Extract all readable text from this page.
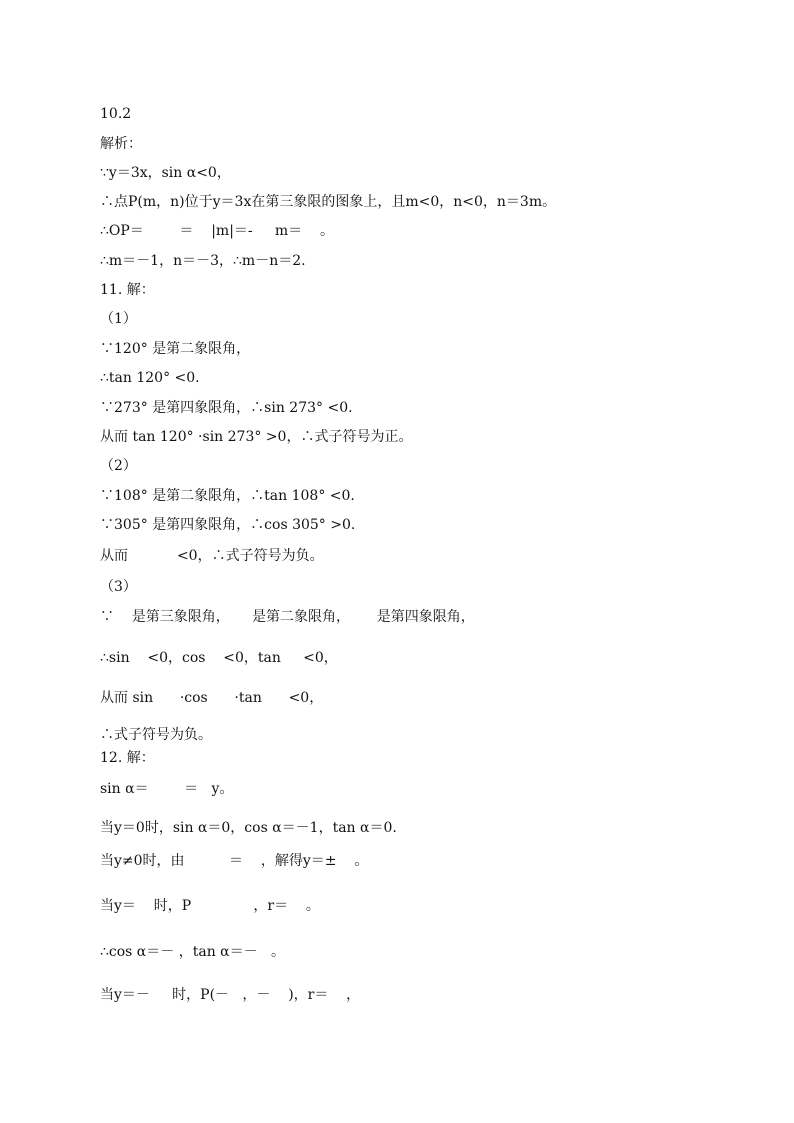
10.2
解析：
∵y＝3x，sin α<0，
∴点P(m，n)位于y＝3x在第三象限的图象上，且m<0，n<0，n＝3m。
∴OP＝        ＝    |m|＝-     m＝    。
∴m＝－1，n＝－3，∴m－n＝2.
11. 解：
（1）
∵120° 是第二象限角，
∴tan 120° <0.
∵273° 是第四象限角，∴sin 273° <0.
从而 tan 120° ·sin 273° >0，∴式子符号为正。
（2）
∵108° 是第二象限角，∴tan 108° <0.
∵305° 是第四象限角，∴cos 305° >0.
从而           <0，∴式子符号为负。
（3）
∵    是第三象限角，     是第二象限角，      是第四象限角，
∴sin    <0，cos    <0，tan     <0，
从而 sin      ·cos      ·tan      <0，
∴式子符号为负。
12. 解：
sin α＝        ＝   y。
当y＝0时，sin α＝0，cos α＝－1，tan α＝0.
当y≠0时，由          ＝    ，解得y＝±    。
当y＝    时，P              ，r＝    。
∴cos α＝－ ，tan α＝－   。
当y＝－     时，P(－   ，－    )，r＝    ，
